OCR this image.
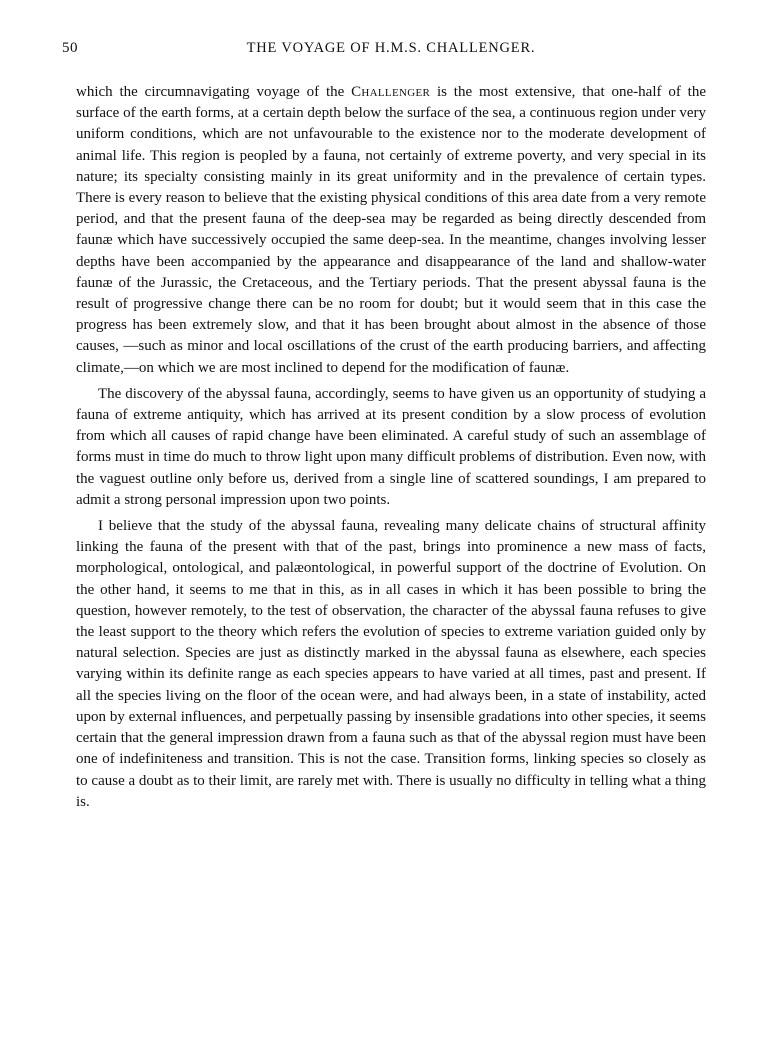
50	THE VOYAGE OF H.M.S. CHALLENGER.

which the circumnavigating voyage of the Challenger is the most extensive, that one-half of the surface of the earth forms, at a certain depth below the surface of the sea, a continuous region under very uniform conditions, which are not unfavourable to the existence nor to the moderate development of animal life. This region is peopled by a fauna, not certainly of extreme poverty, and very special in its nature; its specialty consisting mainly in its great uniformity and in the prevalence of certain types. There is every reason to believe that the existing physical conditions of this area date from a very remote period, and that the present fauna of the deep-sea may be regarded as being directly descended from faunæ which have successively occupied the same deep-sea. In the meantime, changes involving lesser depths have been accompanied by the appearance and disappearance of the land and shallow-water faunæ of the Jurassic, the Cretaceous, and the Tertiary periods. That the present abyssal fauna is the result of progressive change there can be no room for doubt; but it would seem that in this case the progress has been extremely slow, and that it has been brought about almost in the absence of those causes, —such as minor and local oscillations of the crust of the earth producing barriers, and affecting climate,—on which we are most inclined to depend for the modification of faunæ.

The discovery of the abyssal fauna, accordingly, seems to have given us an opportunity of studying a fauna of extreme antiquity, which has arrived at its present condition by a slow process of evolution from which all causes of rapid change have been eliminated. A careful study of such an assemblage of forms must in time do much to throw light upon many difficult problems of distribution. Even now, with the vaguest outline only before us, derived from a single line of scattered soundings, I am prepared to admit a strong personal impression upon two points.

I believe that the study of the abyssal fauna, revealing many delicate chains of structural affinity linking the fauna of the present with that of the past, brings into prominence a new mass of facts, morphological, ontological, and palæontological, in powerful support of the doctrine of Evolution. On the other hand, it seems to me that in this, as in all cases in which it has been possible to bring the question, however remotely, to the test of observation, the character of the abyssal fauna refuses to give the least support to the theory which refers the evolution of species to extreme variation guided only by natural selection. Species are just as distinctly marked in the abyssal fauna as elsewhere, each species varying within its definite range as each species appears to have varied at all times, past and present. If all the species living on the floor of the ocean were, and had always been, in a state of instability, acted upon by external influences, and perpetually passing by insensible gradations into other species, it seems certain that the general impression drawn from a fauna such as that of the abyssal region must have been one of indefiniteness and transition. This is not the case. Transition forms, linking species so closely as to cause a doubt as to their limit, are rarely met with. There is usually no difficulty in telling what a thing is.
